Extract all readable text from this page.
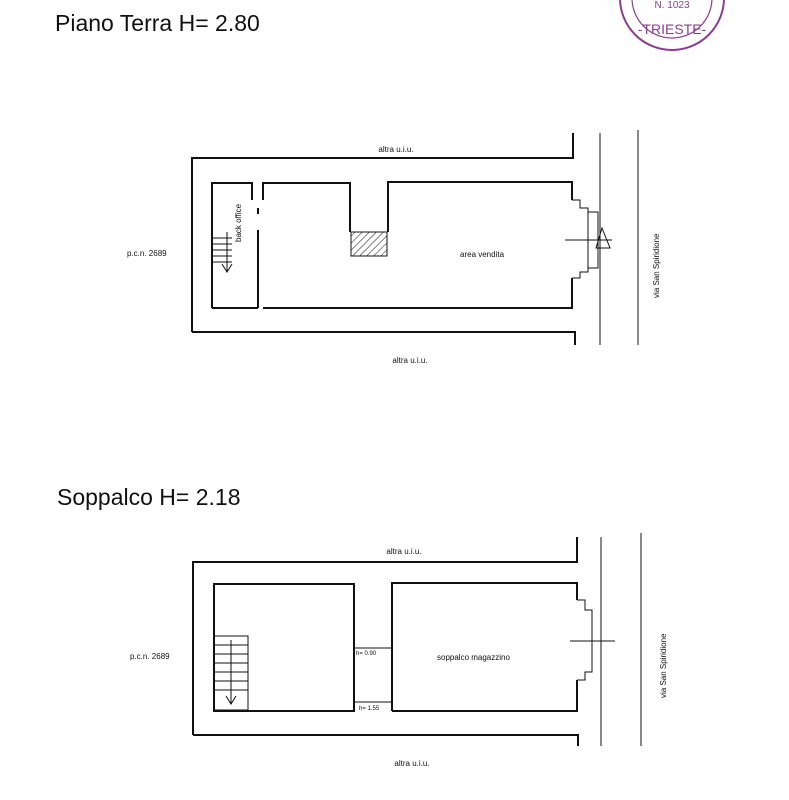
N. 1023
-TRIESTE-
Piano Terra H= 2.80
altra u.i.u.
altra u.i.u.
p.c.n. 2689	area vendita
back office
via San Spiridione
Soppalco H= 2.18
altra u.i.u.
altra u.i.u.
p.c.n. 2689	soppalco magazzino
h= 0.90
h= 1.55
via San Spiridione
